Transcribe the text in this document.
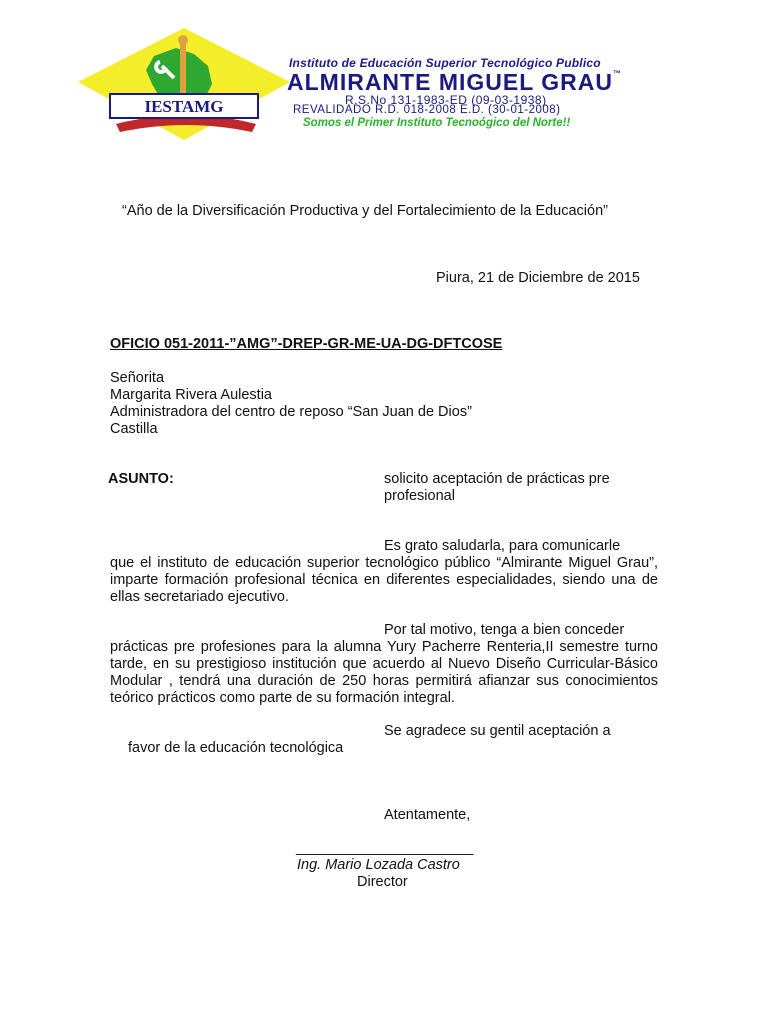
IESTAMG
Instituto de Educación Superior Tecnológico Publico
ALMIRANTE MIGUEL GRAU™
R.S.No 131-1983-ED (09-03-1938)
REVALIDADO R.D. 018-2008 E.D. (30-01-2008)
Somos el Primer Instituto Tecnoógico del Norte!!
“Año de la Diversificación Productiva y del Fortalecimiento de la Educación”
Piura, 21 de Diciembre de 2015
OFICIO 051-2011-”AMG”-DREP-GR-ME-UA-DG-DFTCOSE
Señorita
Margarita Rivera Aulestia
Administradora del centro de reposo “San Juan de Dios”
Castilla
ASUNTO:	solicito aceptación de prácticas pre
profesional
Es grato saludarla, para comunicarle
que el instituto de educación superior tecnológico público “Almirante Miguel Grau”, imparte formación profesional técnica en diferentes especialidades, siendo una de ellas secretariado ejecutivo.
Por tal motivo, tenga a bien conceder
prácticas pre profesiones para la alumna Yury Pacherre Renteria,II semestre turno tarde, en su prestigioso institución que acuerdo al Nuevo Diseño Curricular-Básico Modular , tendrá una duración de 250 horas permitirá afianzar sus conocimientos teórico prácticos como parte de su formación integral.
Se agradece su gentil aceptación a
favor de la educación tecnológica
Atentamente,
______________________
Ing. Mario Lozada Castro
Director
